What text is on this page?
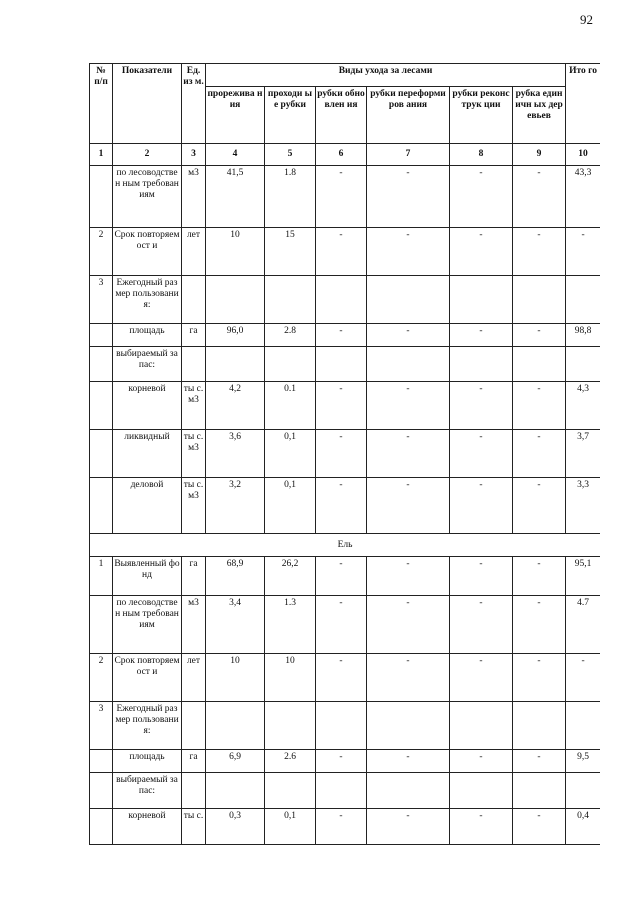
92
№ п/п	Показатели	Ед. из м.	Виды ухода за лесами						Ито го
			прорежива ния	проходи ые рубки	рубки обновлен ия	рубки переформиров ания	рубки реконструк ции	рубка единичн ых деревьев	
1	2	3	4	5	6	7	8	9	10
	по лесоводствен ным требованиям	м3	41,5	1.8	-	-	-	-	43,3
2	Срок повторяемост и	лет	10	15	-	-	-	-	-
3	Ежегодный размер пользования:								
	площадь	га	96,0	2.8	-	-	-	-	98,8
	выбираемый запас:								
	корневой	ты с. м3	4,2	0.1	-	-	-	-	4,3
	ликвидный	ты с. м3	3,6	0,1	-	-	-	-	3,7
	деловой	ты с. м3	3,2	0,1	-	-	-	-	3,3
Ель									
1	Выявленный фонд	га	68,9	26,2	-	-	-	-	95,1
	по лесоводствен ным требованиям	м3	3,4	1.3	-	-	-	-	4.7
2	Срок повторяемост и	лет	10	10	-	-	-	-	-
3	Ежегодный размер пользования:								
	площадь	га	6,9	2.6	-	-	-	-	9,5
	выбираемый запас:								
	корневой	ты с.	0,3	0,1	-	-	-	-	0,4
